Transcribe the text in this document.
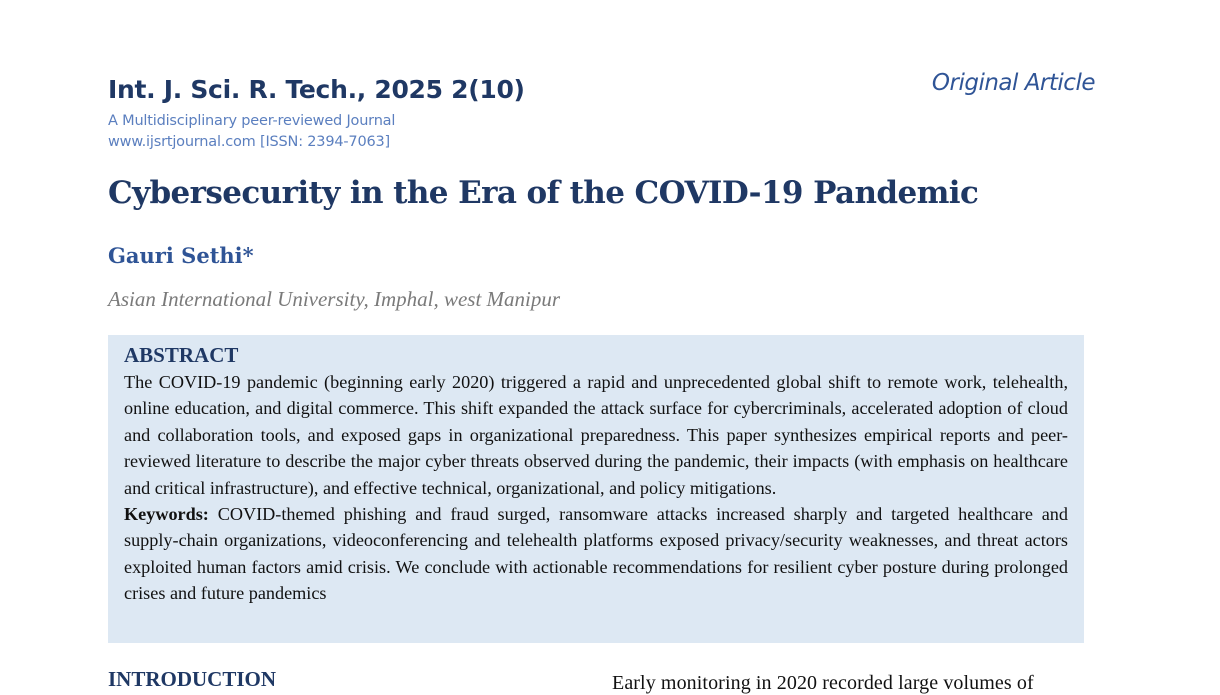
Int. J. Sci. R. Tech., 2025 2(10)	Original Article
A Multidisciplinary peer-reviewed Journal
www.ijsrtjournal.com [ISSN: 2394-7063]
Cybersecurity in the Era of the COVID-19 Pandemic
Gauri Sethi*
Asian International University, Imphal, west Manipur

ABSTRACT

The COVID-19 pandemic (beginning early 2020) triggered a rapid and unprecedented global shift to remote work, telehealth, online education, and digital commerce. This shift expanded the attack surface for cybercriminals, accelerated adoption of cloud and collaboration tools, and exposed gaps in organizational preparedness. This paper synthesizes empirical reports and peer-reviewed literature to describe the major cyber threats observed during the pandemic, their impacts (with emphasis on healthcare and critical infrastructure), and effective technical, organizational, and policy mitigations.

Keywords: COVID-themed phishing and fraud surged, ransomware attacks increased sharply and targeted healthcare and supply-chain organizations, videoconferencing and telehealth platforms exposed privacy/security weaknesses, and threat actors exploited human factors amid crisis. We conclude with actionable recommendations for resilient cyber posture during prolonged crises and future pandemics

INTRODUCTION	Early monitoring in 2020 recorded large volumes of
